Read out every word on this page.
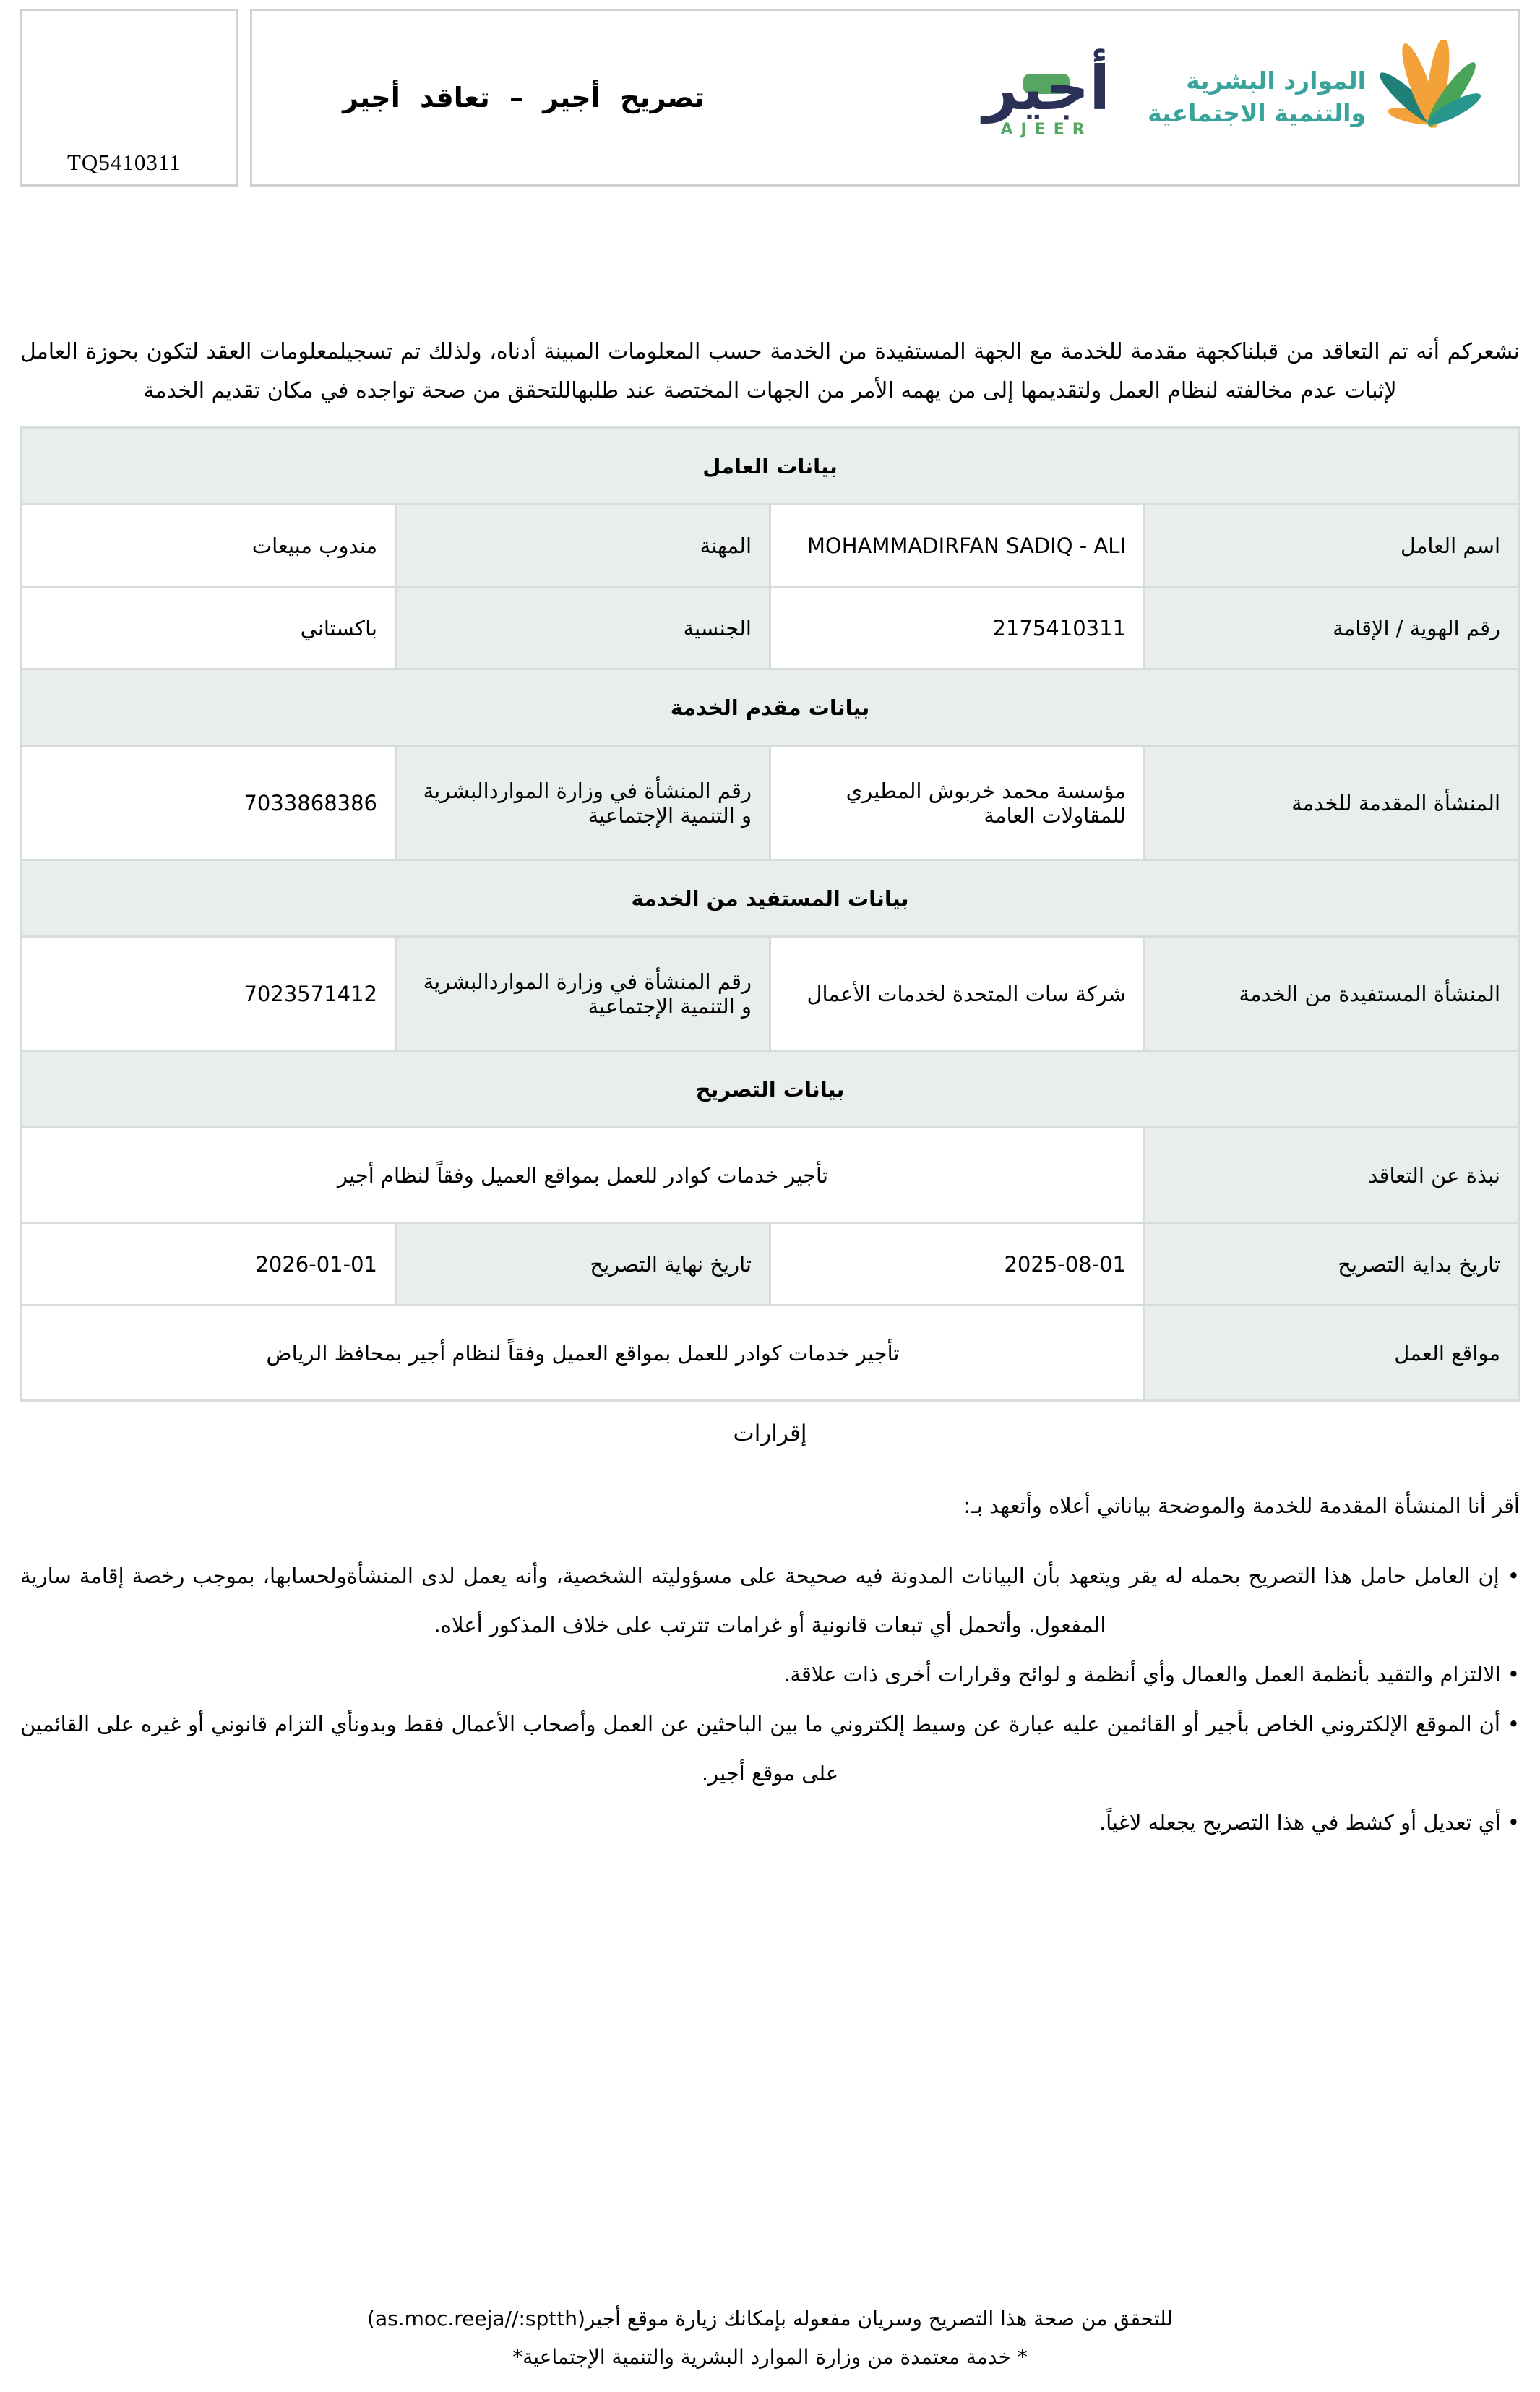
TQ5410311
تصريح أجير – تعاقد أجير	أجير
AJEER
الموارد البشرية
والتنمية الاجتماعية

نشعركم أنه تم التعاقد من قبلناكجهة مقدمة للخدمة مع الجهة المستفيدة من الخدمة حسب المعلومات المبينة أدناه، ولذلك تم تسجيلمعلومات العقد لتكون بحوزة العامل لإثبات عدم مخالفته لنظام العمل ولتقديمها إلى من يهمه الأمر من الجهات المختصة عند طلبهاللتحقق من صحة تواجده في مكان تقديم الخدمة

بيانات العامل			
اسم العامل	MOHAMMADIRFAN SADIQ - ALI	المهنة	مندوب مبيعات
رقم الهوية / الإقامة	2175410311	الجنسية	باكستاني
بيانات مقدم الخدمة			
المنشأة المقدمة للخدمة	مؤسسة محمد خربوش المطيري للمقاولات العامة	رقم المنشأة في وزارة المواردالبشرية و التنمية الإجتماعية	7033868386
بيانات المستفيد من الخدمة			
المنشأة المستفيدة من الخدمة	شركة سات المتحدة لخدمات الأعمال	رقم المنشأة في وزارة المواردالبشرية و التنمية الإجتماعية	7023571412
بيانات التصريح			
نبذة عن التعاقد	تأجير خدمات كوادر للعمل بمواقع العميل وفقاً لنظام أجير		
تاريخ بداية التصريح	2025-08-01	تاريخ نهاية التصريح	2026-01-01
مواقع العمل	تأجير خدمات كوادر للعمل بمواقع العميل وفقاً لنظام أجير بمحافظ الرياض		
إقرارات

أقر أنا المنشأة المقدمة للخدمة والموضحة بياناتي أعلاه وأتعهد بـ:

• إن العامل حامل هذا التصريح بحمله له يقر ويتعهد بأن البيانات المدونة فيه صحيحة على مسؤوليته الشخصية، وأنه يعمل لدى المنشأةولحسابها، بموجب رخصة إقامة سارية المفعول. وأتحمل أي تبعات قانونية أو غرامات تترتب على خلاف المذكور أعلاه.

• الالتزام والتقيد بأنظمة العمل والعمال وأي أنظمة و لوائح وقرارات أخرى ذات علاقة.

• أن الموقع الإلكتروني الخاص بأجير أو القائمين عليه عبارة عن وسيط إلكتروني ما بين الباحثين عن العمل وأصحاب الأعمال فقط وبدونأي التزام قانوني أو غيره على القائمين على موقع أجير.

• أي تعديل أو كشط في هذا التصريح يجعله لاغياً.

للتحقق من صحة هذا التصريح وسريان مفعوله بإمكانك زيارة موقع أجير(as.moc.reeja//:sptth)
* خدمة معتمدة من وزارة الموارد البشرية والتنمية الإجتماعية*
